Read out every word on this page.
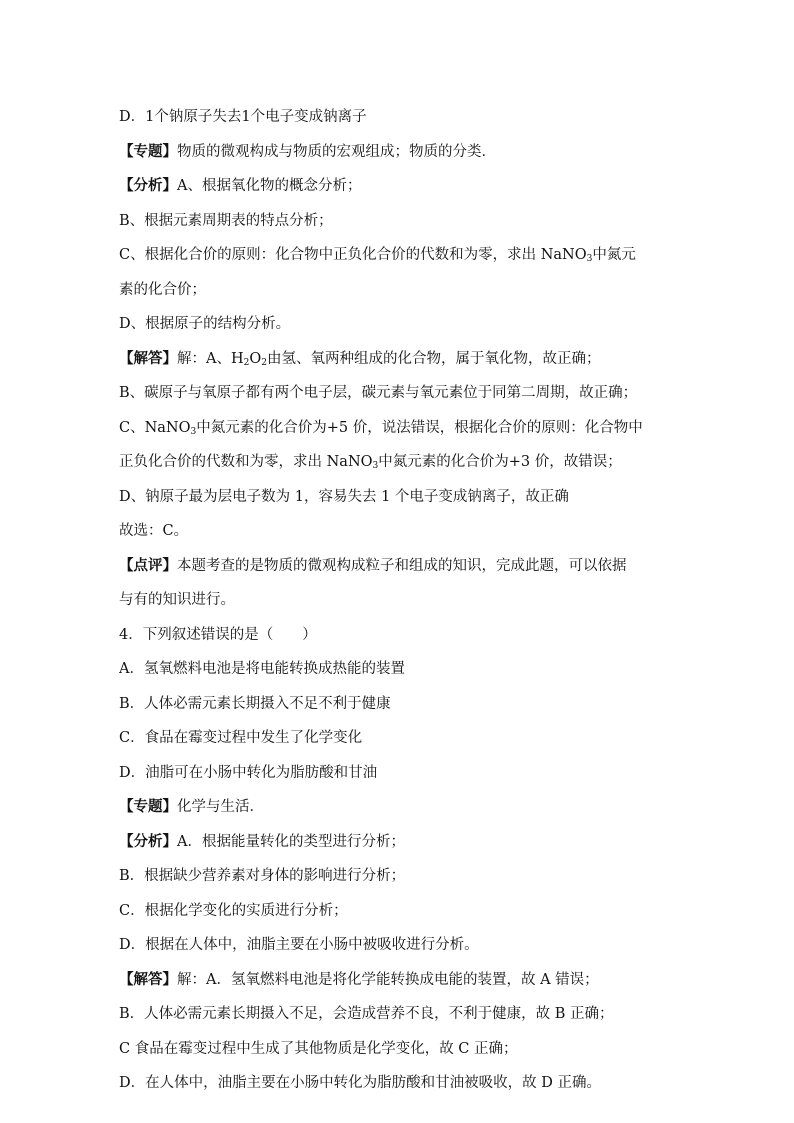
D．1个钠原子失去1个电子变成钠离子
【专题】物质的微观构成与物质的宏观组成；物质的分类．
【分析】A、根据氧化物的概念分析；
B、根据元素周期表的特点分析；
C、根据化合价的原则：化合物中正负化合价的代数和为零，求出 NaNO$_3$中氮元
素的化合价；
D、根据原子的结构分析。
【解答】解：A、$H_2O_2$由氢、氧两种组成的化合物，属于氧化物，故正确；
B、碳原子与氧原子都有两个电子层，碳元素与氧元素位于同第二周期，故正确；
C、NaNO$_3$中氮元素的化合价为+5 价，说法错误，根据化合价的原则：化合物中
正负化合价的代数和为零，求出 NaNO$_3$中氮元素的化合价为+3 价，故错误；
D、钠原子最为层电子数为 1，容易失去 1 个电子变成钠离子，故正确
故选：C。
【点评】本题考查的是物质的微观构成粒子和组成的知识，完成此题，可以依据
与有的知识进行。
4．下列叙述错误的是（　　）
A．氢氧燃料电池是将电能转换成热能的装置
B．人体必需元素长期摄入不足不利于健康
C．食品在霉变过程中发生了化学变化
D．油脂可在小肠中转化为脂肪酸和甘油
【专题】化学与生活．
【分析】A．根据能量转化的类型进行分析；
B．根据缺少营养素对身体的影响进行分析；
C．根据化学变化的实质进行分析；
D．根据在人体中，油脂主要在小肠中被吸收进行分析。
【解答】解：A．氢氧燃料电池是将化学能转换成电能的装置，故 A 错误；
B．人体必需元素长期摄入不足，会造成营养不良，不利于健康，故 B 正确；
C 食品在霉变过程中生成了其他物质是化学变化，故 C 正确；
D．在人体中，油脂主要在小肠中转化为脂肪酸和甘油被吸收，故 D 正确。
